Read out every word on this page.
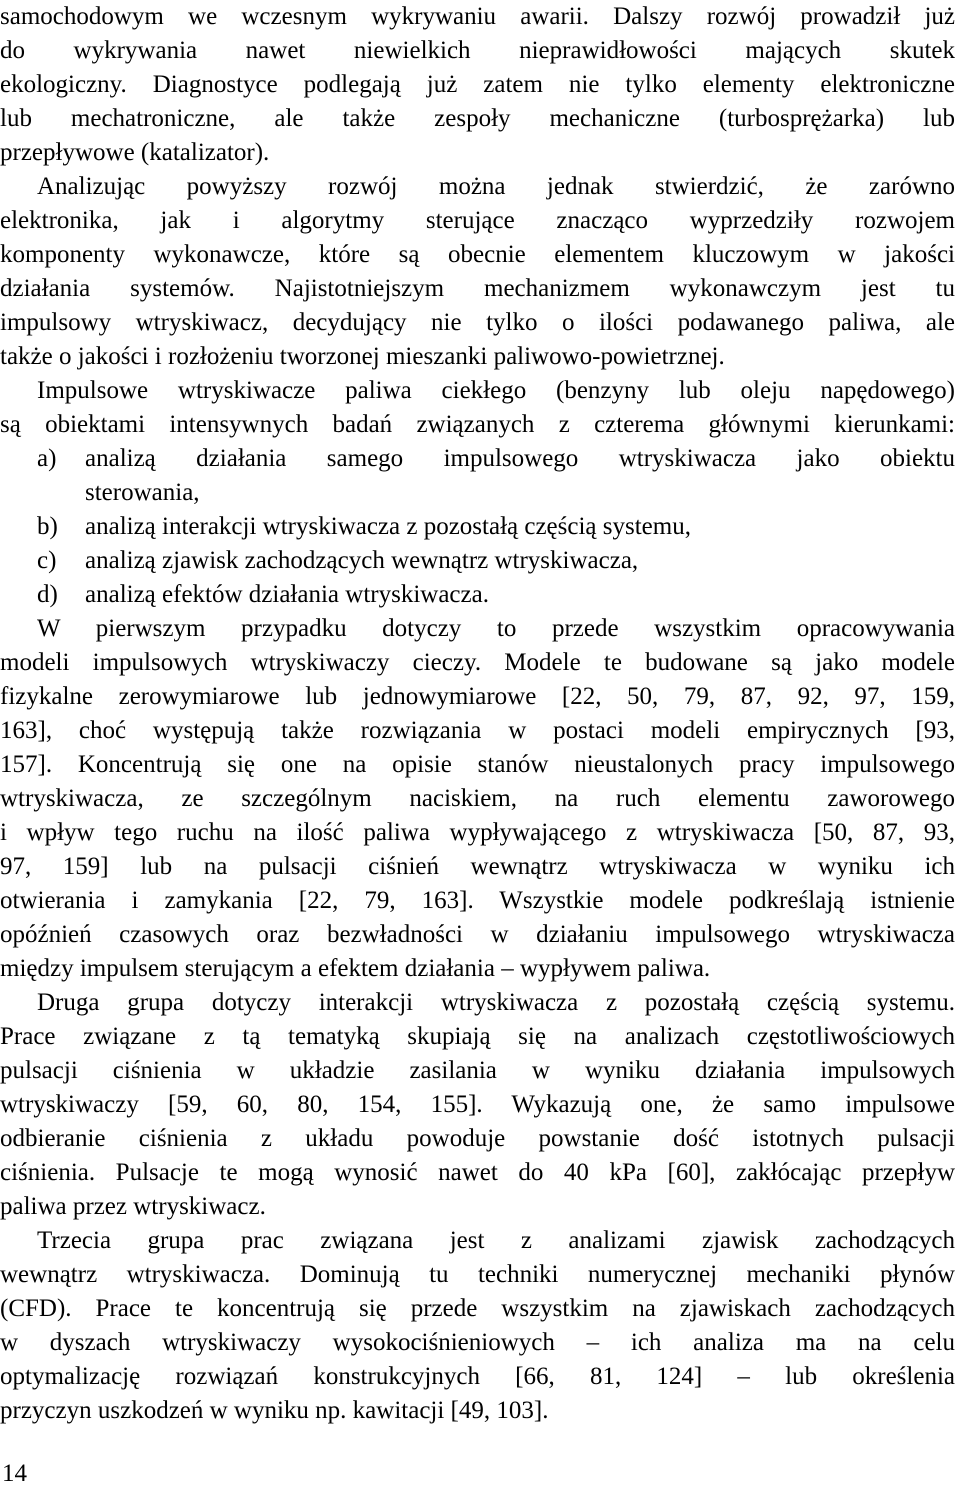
samochodowym we wczesnym wykrywaniu awarii. Dalszy rozwój prowadził już
do wykrywania nawet niewielkich nieprawidłowości mających skutek
ekologiczny. Diagnostyce podlegają już zatem nie tylko elementy elektroniczne
lub mechatroniczne, ale także zespoły mechaniczne (turbosprężarka) lub
przepływowe (katalizator).
Analizując powyższy rozwój można jednak stwierdzić, że zarówno
elektronika, jak i algorytmy sterujące znacząco wyprzedziły rozwojem
komponenty wykonawcze, które są obecnie elementem kluczowym w jakości
działania systemów. Najistotniejszym mechanizmem wykonawczym jest tu
impulsowy wtryskiwacz, decydujący nie tylko o ilości podawanego paliwa, ale
także o jakości i rozłożeniu tworzonej mieszanki paliwowo-powietrznej.
Impulsowe wtryskiwacze paliwa ciekłego (benzyny lub oleju napędowego)
są obiektami intensywnych badań związanych z czterema głównymi kierunkami:
a)	analizą działania samego impulsowego wtryskiwacza jako obiektu
sterowania,
b)	analizą interakcji wtryskiwacza z pozostałą częścią systemu,
c)	analizą zjawisk zachodzących wewnątrz wtryskiwacza,
d)	analizą efektów działania wtryskiwacza.
W pierwszym przypadku dotyczy to przede wszystkim opracowywania
modeli impulsowych wtryskiwaczy cieczy. Modele te budowane są jako modele
fizykalne zerowymiarowe lub jednowymiarowe [22, 50, 79, 87, 92, 97, 159,
163], choć występują także rozwiązania w postaci modeli empirycznych [93,
157]. Koncentrują się one na opisie stanów nieustalonych pracy impulsowego
wtryskiwacza, ze szczególnym naciskiem, na ruch elementu zaworowego
i wpływ tego ruchu na ilość paliwa wypływającego z wtryskiwacza [50, 87, 93,
97, 159] lub na pulsacji ciśnień wewnątrz wtryskiwacza w wyniku ich
otwierania i zamykania [22, 79, 163]. Wszystkie modele podkreślają istnienie
opóźnień czasowych oraz bezwładności w działaniu impulsowego wtryskiwacza
między impulsem sterującym a efektem działania – wypływem paliwa.
Druga grupa dotyczy interakcji wtryskiwacza z pozostałą częścią systemu.
Prace związane z tą tematyką skupiają się na analizach częstotliwościowych
pulsacji ciśnienia w układzie zasilania w wyniku działania impulsowych
wtryskiwaczy [59, 60, 80, 154, 155]. Wykazują one, że samo impulsowe
odbieranie ciśnienia z układu powoduje powstanie dość istotnych pulsacji
ciśnienia. Pulsacje te mogą wynosić nawet do 40 kPa [60], zakłócając przepływ
paliwa przez wtryskiwacz.
Trzecia grupa prac związana jest z analizami zjawisk zachodzących
wewnątrz wtryskiwacza. Dominują tu techniki numerycznej mechaniki płynów
(CFD). Prace te koncentrują się przede wszystkim na zjawiskach zachodzących
w dyszach wtryskiwaczy wysokociśnieniowych – ich analiza ma na celu
optymalizację rozwiązań konstrukcyjnych [66, 81, 124] – lub określenia
przyczyn uszkodzeń w wyniku np. kawitacji [49, 103].
14
